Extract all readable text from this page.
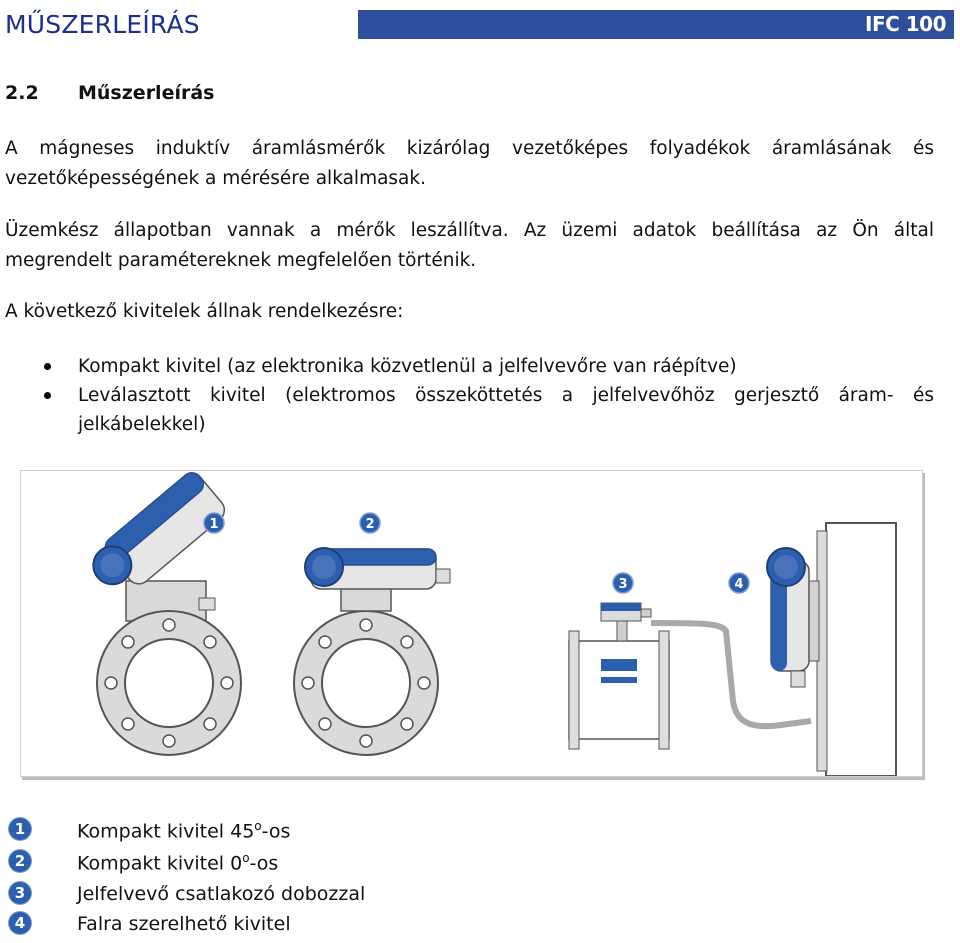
MŰSZERLEÍRÁS	IFC 100
2.2 Műszerleírás
A mágneses induktív áramlásmérők kizárólag vezetőképes folyadékok áramlásának és vezetőképességének a mérésére alkalmasak.
Üzemkész állapotban vannak a mérők leszállítva. Az üzemi adatok beállítása az Ön által megrendelt paramétereknek megfelelően történik.
A következő kivitelek állnak rendelkezésre:
Kompakt kivitel (az elektronika közvetlenül a jelfelvevőre van ráépítve)
Leválasztott kivitel (elektromos összeköttetés a jelfelvevőhöz gerjesztő áram- és jelkábelekkel)
1	2
3	4
1	Kompakt kivitel 45$^o$-os
2	Kompakt kivitel 0$^o$-os
3	Jelfelvevő csatlakozó dobozzal
4	Falra szerelhető kivitel
